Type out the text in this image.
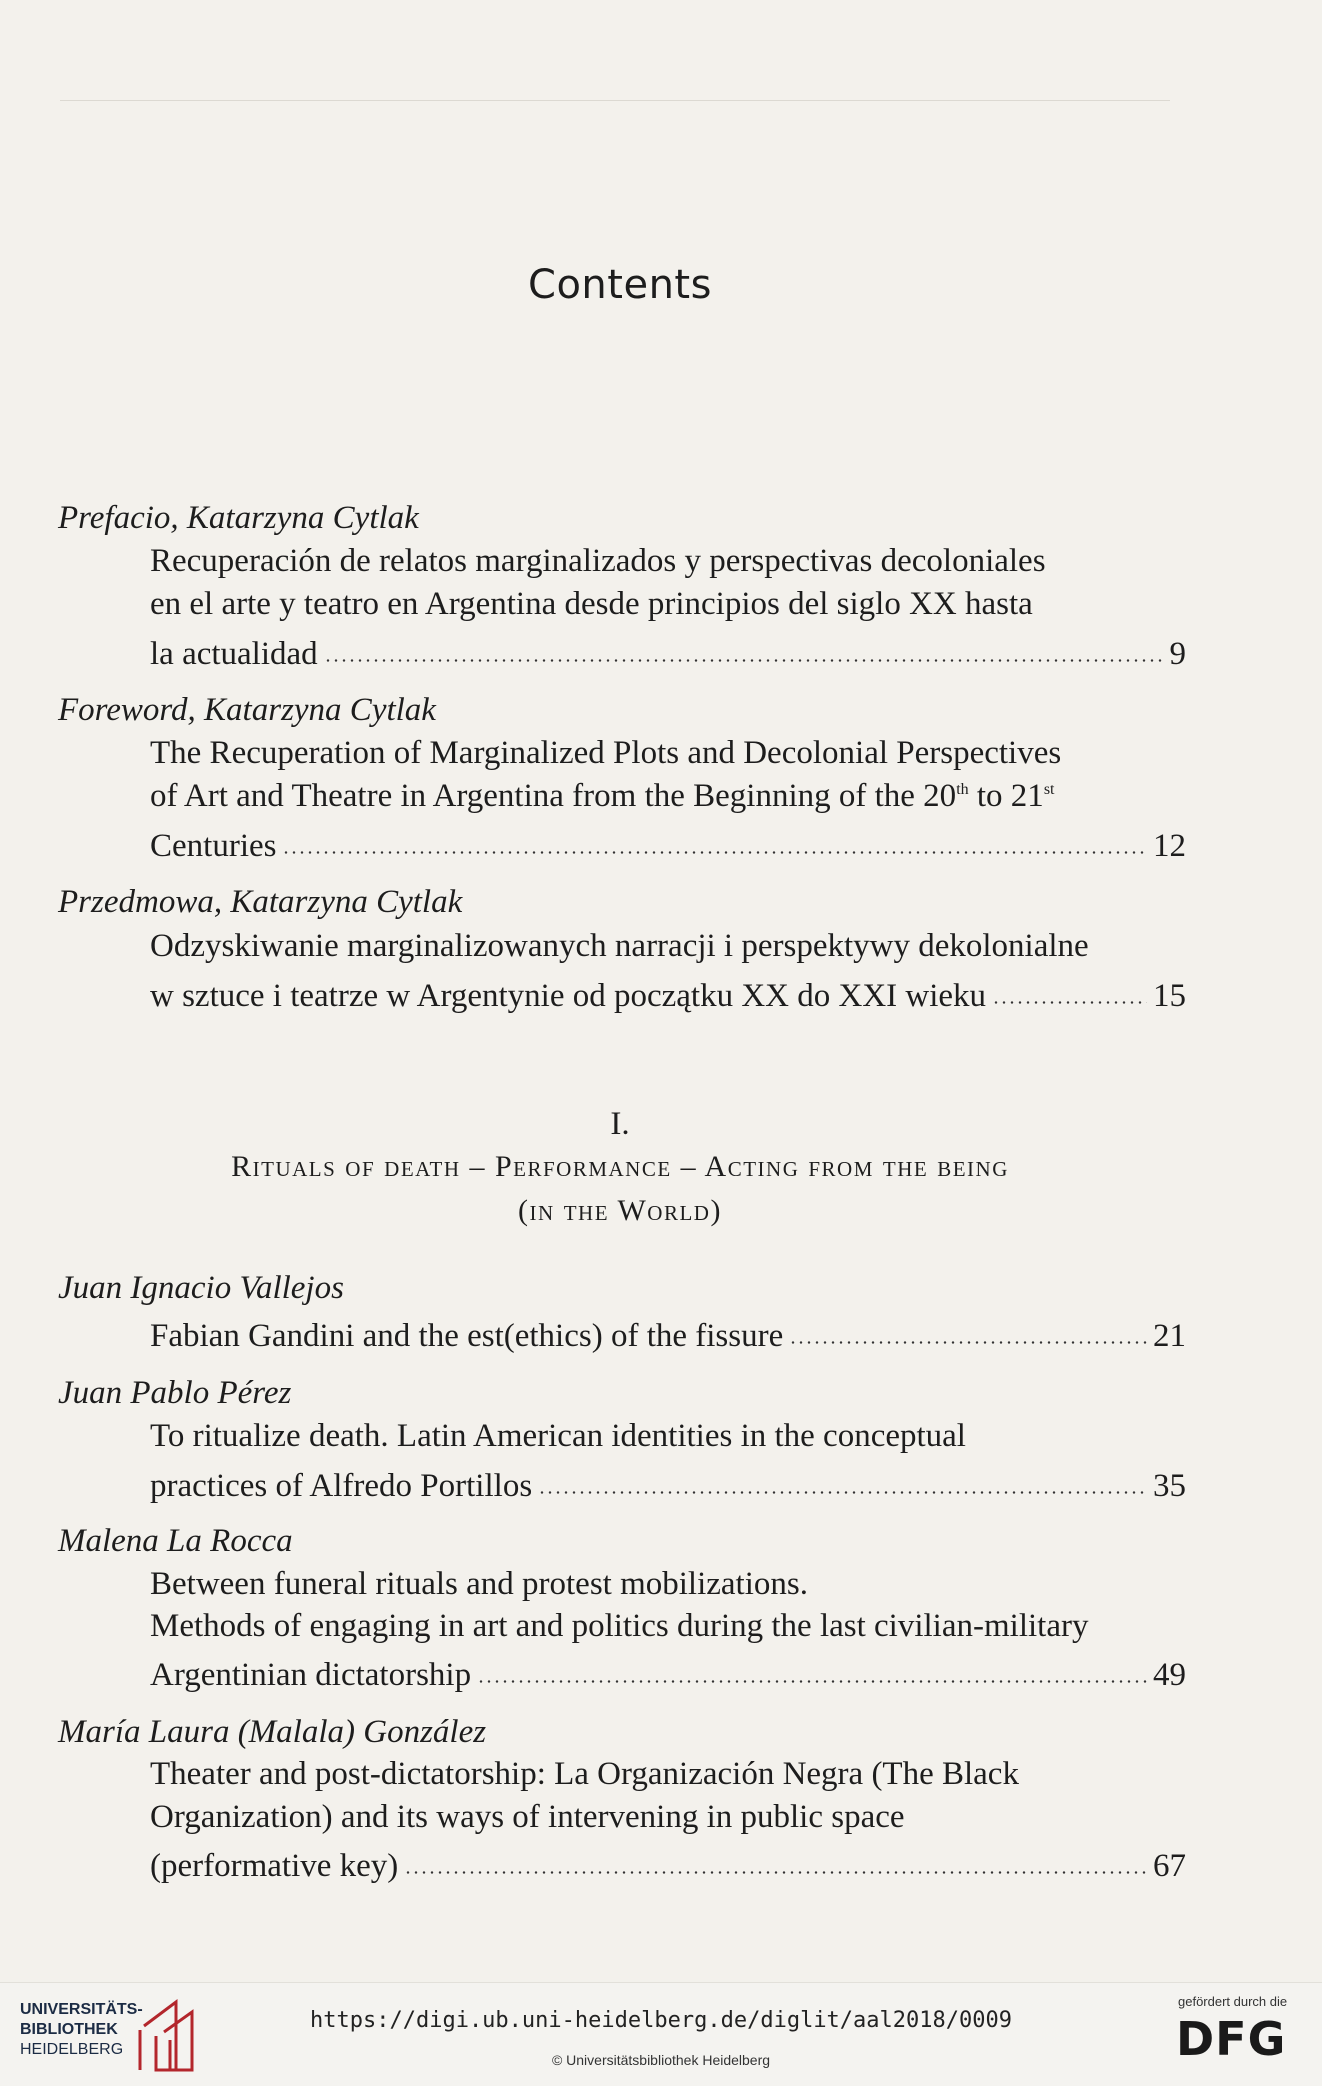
Contents
Prefacio, Katarzyna Cytlak
Recuperación de relatos marginalizados y perspectivas decoloniales
en el arte y teatro en Argentina desde principios del siglo XX hasta
la actualidad	9
Foreword, Katarzyna Cytlak
The Recuperation of Marginalized Plots and Decolonial Perspectives
of Art and Theatre in Argentina from the Beginning of the 20th to 21st
Centuries	12
Przedmowa, Katarzyna Cytlak
Odzyskiwanie marginalizowanych narracji i perspektywy dekolonialne
w sztuce i teatrze w Argentynie od początku XX do XXI wieku	15
I.
Rituals of death – Performance – Acting from the being
(in the World)
Juan Ignacio Vallejos
Fabian Gandini and the est(ethics) of the fissure	21
Juan Pablo Pérez
To ritualize death. Latin American identities in the conceptual
practices of Alfredo Portillos	35
Malena La Rocca
Between funeral rituals and protest mobilizations.
Methods of engaging in art and politics during the last civilian-military
Argentinian dictatorship	49
María Laura (Malala) González
Theater and post-dictatorship: La Organización Negra (The Black
Organization) and its ways of intervening in public space
(performative key)	67
UNIVERSITÄTS-
BIBLIOTHEK
HEIDELBERG
https://digi.ub.uni-heidelberg.de/diglit/aal2018/0009
© Universitätsbibliothek Heidelberg
gefördert durch die
DFG
